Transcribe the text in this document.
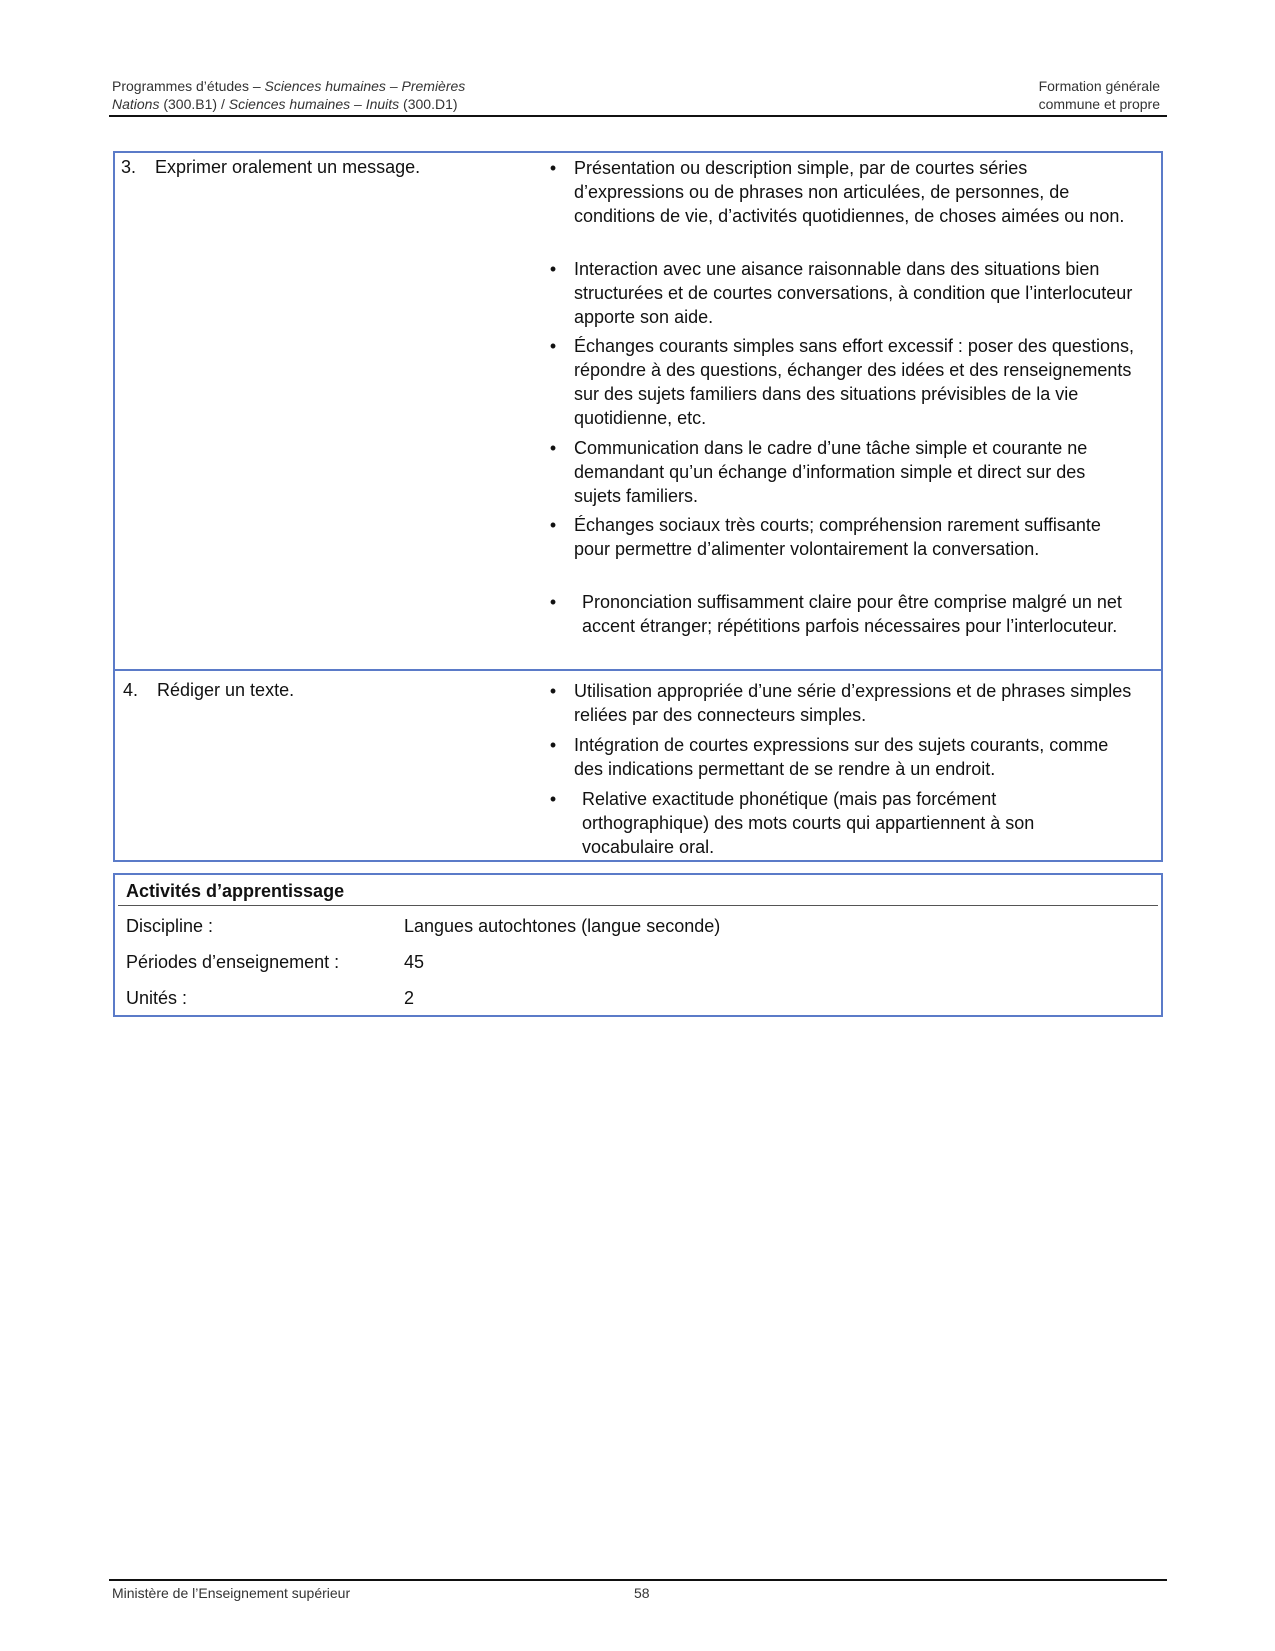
Programmes d’études – Sciences humaines – Premières
Nations (300.B1) / Sciences humaines – Inuits (300.D1)
Formation générale
commune et propre
3. Exprimer oralement un message.	• Présentation ou description simple, par de courtes séries d’expressions ou de phrases non articulées, de personnes, de conditions de vie, d’activités quotidiennes, de choses aimées ou non.
• Interaction avec une aisance raisonnable dans des situations bien structurées et de courtes conversations, à condition que l’interlocuteur apporte son aide.
• Échanges courants simples sans effort excessif : poser des questions, répondre à des questions, échanger des idées et des renseignements sur des sujets familiers dans des situations prévisibles de la vie quotidienne, etc.
• Communication dans le cadre d’une tâche simple et courante ne demandant qu’un échange d’information simple et direct sur des sujets familiers.
• Échanges sociaux très courts; compréhension rarement suffisante pour permettre d’alimenter volontairement la conversation.
• Prononciation suffisamment claire pour être comprise malgré un net accent étranger; répétitions parfois nécessaires pour l’interlocuteur.
4. Rédiger un texte.	• Utilisation appropriée d’une série d’expressions et de phrases simples reliées par des connecteurs simples.
• Intégration de courtes expressions sur des sujets courants, comme des indications permettant de se rendre à un endroit.
• Relative exactitude phonétique (mais pas forcément orthographique) des mots courts qui appartiennent à son vocabulaire oral.
Activités d’apprentissage
Discipline :	Langues autochtones (langue seconde)
Périodes d’enseignement :	45
Unités :	2
Ministère de l’Enseignement supérieur	58
